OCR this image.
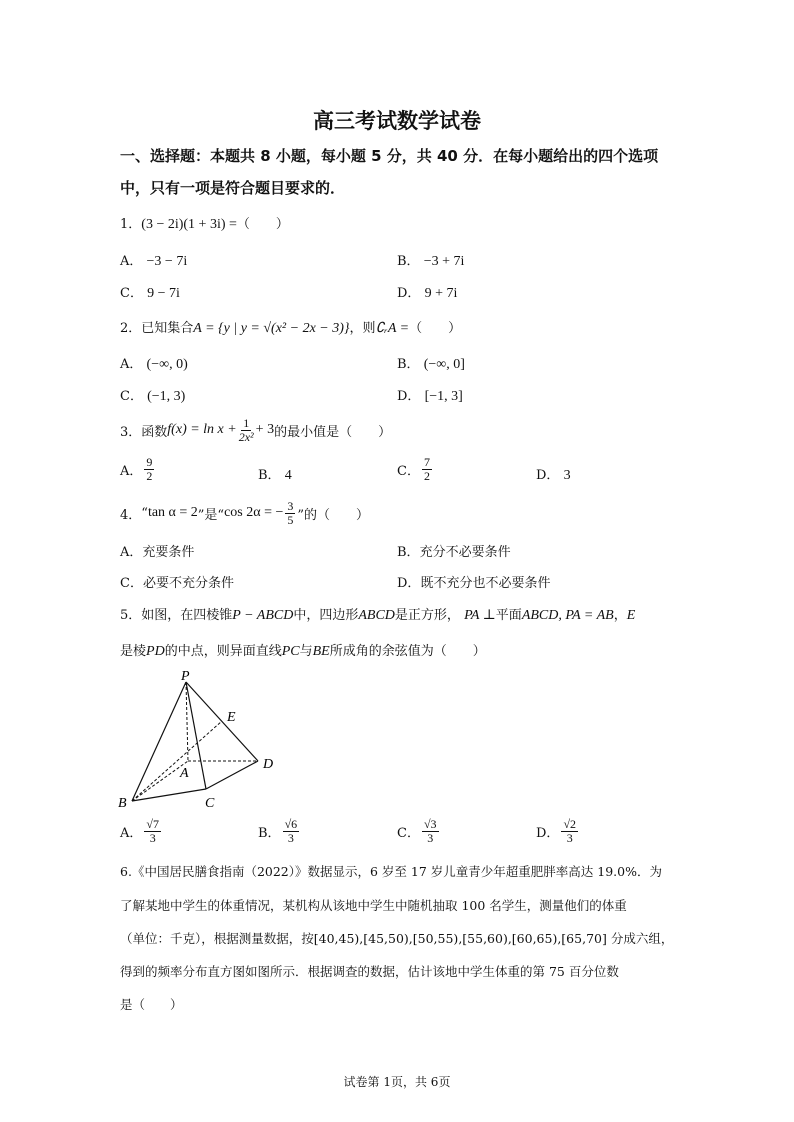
高三考试数学试卷
一、选择题：本题共 8 小题，每小题 5 分，共 40 分．在每小题给出的四个选项
中，只有一项是符合题目要求的．
1．(3 − 2i)(1 + 3i) =（　　）
A． −3 − 7i	B． −3 + 7i
C． 9 − 7i	D． 9 + 7i
2．已知集合A = {y | y = √(x² − 2x − 3)}，则∁ᵣA =（　　）
A． (−∞, 0)	B． (−∞, 0]
C． (−1, 3)	D． [−1, 3]
3． 函数 $f(x) = \ln x + \frac{1}{\text{2x²}} + 3$ 的最小值是（　　）
A． $\frac{9}{2}$	B． 4	C． $\frac{7}{2}$	D． 3
4． “ tan α = 2 ”是“ cos 2α = − $\frac{3}{5}$ ”的（　　）
A．充要条件	B．充分不必要条件
C．必要不充分条件	D．既不充分也不必要条件
5．如图，在四棱锥P − ABCD中，四边形ABCD是正方形， PA ⊥平面ABCD, PA = AB，E
是棱PD的中点，则异面直线PC与BE所成角的余弦值为（　　）
P
E
A
D
B	C
A． $\frac{√7}{3}$	B． $\frac{√6}{3}$	C． $\frac{√3}{3}$	D． $\frac{√2}{3}$
6.《中国居民膳食指南（2022）》数据显示，6 岁至 17 岁儿童青少年超重肥胖率高达 19.0%．为
了解某地中学生的体重情况，某机构从该地中学生中随机抽取 100 名学生，测量他们的体重
（单位：千克），根据测量数据，按[40,45),[45,50),[50,55),[55,60),[60,65),[65,70] 分成六组，
得到的频率分布直方图如图所示．根据调查的数据，估计该地中学生体重的第 75 百分位数
是（　　）
试卷第 1页，共 6页
